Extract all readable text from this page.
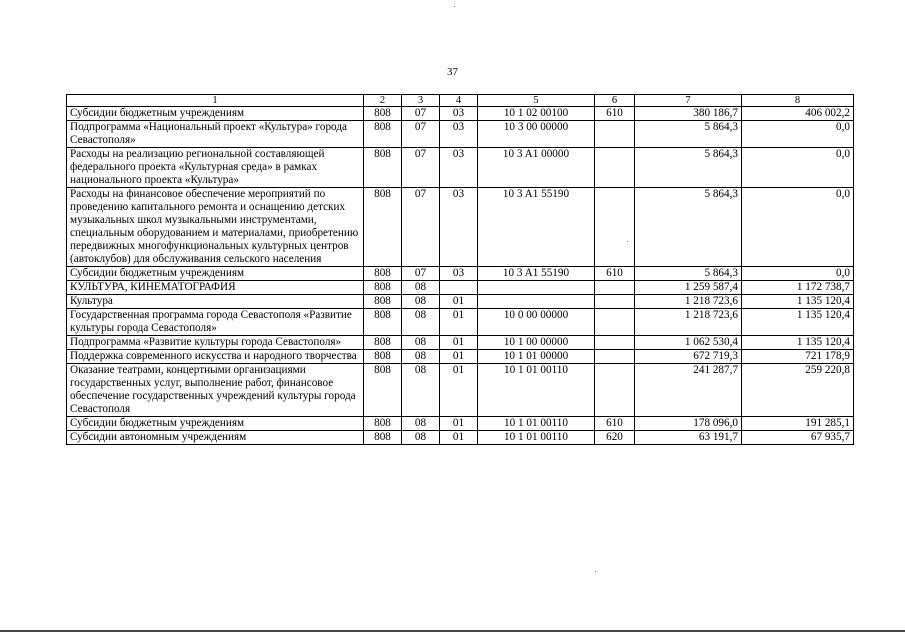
37
1	2	3	4	5	6	7	8
Субсидии бюджетным учреждениям	808	07	03	10 1 02 00100	610	380 186,7	406 002,2
Подпрограмма «Национальный проект «Культура» города Севастополя»	808	07	03	10 3 00 00000		5 864,3	0,0
Расходы на реализацию региональной составляющей федерального проекта «Культурная среда» в рамках национального проекта «Культура»	808	07	03	10 3 A1 00000		5 864,3	0,0
Расходы на финансовое обеспечение мероприятий по проведению капитального ремонта и оснащению детских музыкальных школ музыкальными инструментами, специальным оборудованием и материалами, приобретению передвижных многофункциональных культурных центров (автоклубов) для обслуживания сельского населения	808	07	03	10 3 A1 55190		5 864,3	0,0
Субсидии бюджетным учреждениям	808	07	03	10 3 A1 55190	610	5 864,3	0,0
КУЛЬТУРА, КИНЕМАТОГРАФИЯ	808	08				1 259 587,4	1 172 738,7
Культура	808	08	01			1 218 723,6	1 135 120,4
Государственная программа города Севастополя «Развитие культуры города Севастополя»	808	08	01	10 0 00 00000		1 218 723,6	1 135 120,4
Подпрограмма «Развитие культуры города Севастополя»	808	08	01	10 1 00 00000		1 062 530,4	1 135 120,4
Поддержка современного искусства и народного творчества	808	08	01	10 1 01 00000		672 719,3	721 178,9
Оказание театрами, концертными организациями государственных услуг, выполнение работ, финансовое обеспечение государственных учреждений культуры города Севастополя	808	08	01	10 1 01 00110		241 287,7	259 220,8
Субсидии бюджетным учреждениям	808	08	01	10 1 01 00110	610	178 096,0	191 285,1
Субсидии автономным учреждениям	808	08	01	10 1 01 00110	620	63 191,7	67 935,7
